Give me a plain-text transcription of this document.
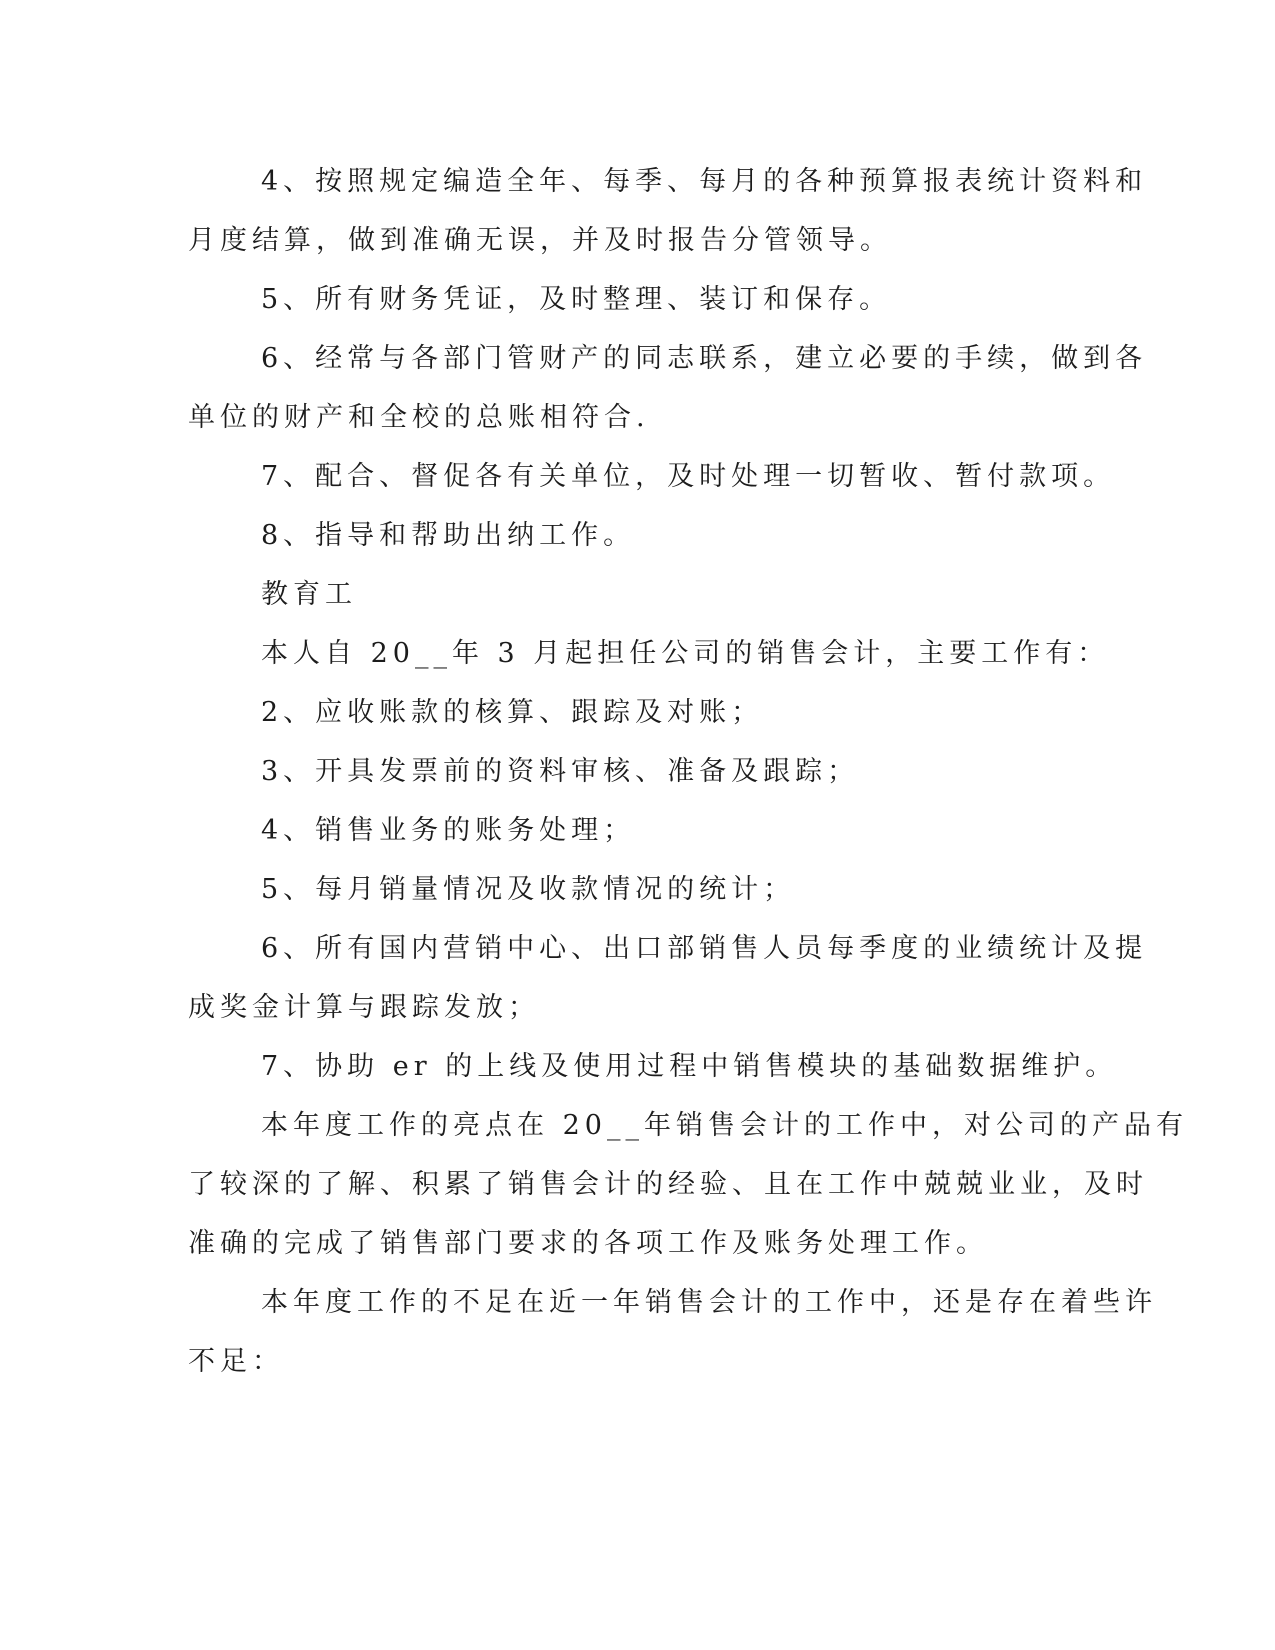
4、按照规定编造全年、每季、每月的各种预算报表统计资料和
月度结算，做到准确无误，并及时报告分管领导。
5、所有财务凭证，及时整理、装订和保存。
6、经常与各部门管财产的同志联系，建立必要的手续，做到各
单位的财产和全校的总账相符合.
7、配合、督促各有关单位，及时处理一切暂收、暂付款项。
8、指导和帮助出纳工作。
教育工
本人自 20__年 3 月起担任公司的销售会计，主要工作有：
2、应收账款的核算、跟踪及对账；
3、开具发票前的资料审核、准备及跟踪；
4、销售业务的账务处理；
5、每月销量情况及收款情况的统计；
6、所有国内营销中心、出口部销售人员每季度的业绩统计及提
成奖金计算与跟踪发放；
7、协助 er 的上线及使用过程中销售模块的基础数据维护。
本年度工作的亮点在 20__年销售会计的工作中，对公司的产品有
了较深的了解、积累了销售会计的经验、且在工作中兢兢业业，及时
准确的完成了销售部门要求的各项工作及账务处理工作。
本年度工作的不足在近一年销售会计的工作中，还是存在着些许
不足：
